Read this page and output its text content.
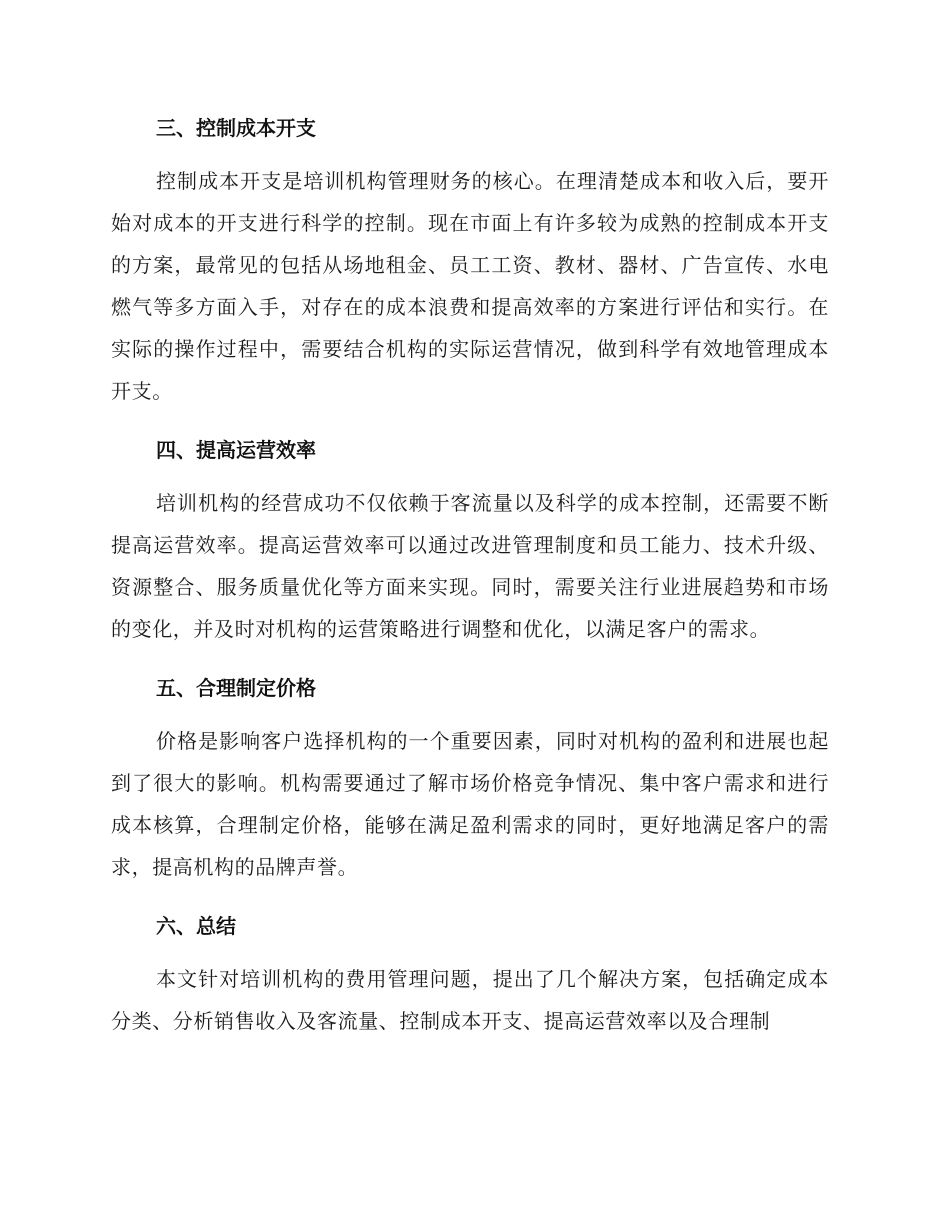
三、控制成本开支

控制成本开支是培训机构管理财务的核心。在理清楚成本和收入后，要开始对成本的开支进行科学的控制。现在市面上有许多较为成熟的控制成本开支的方案，最常见的包括从场地租金、员工工资、教材、器材、广告宣传、水电燃气等多方面入手，对存在的成本浪费和提高效率的方案进行评估和实行。在实际的操作过程中，需要结合机构的实际运营情况，做到科学有效地管理成本开支。

四、提高运营效率

培训机构的经营成功不仅依赖于客流量以及科学的成本控制，还需要不断提高运营效率。提高运营效率可以通过改进管理制度和员工能力、技术升级、资源整合、服务质量优化等方面来实现。同时，需要关注行业进展趋势和市场的变化，并及时对机构的运营策略进行调整和优化，以满足客户的需求。

五、合理制定价格

价格是影响客户选择机构的一个重要因素，同时对机构的盈利和进展也起到了很大的影响。机构需要通过了解市场价格竞争情况、集中客户需求和进行成本核算，合理制定价格，能够在满足盈利需求的同时，更好地满足客户的需求，提高机构的品牌声誉。

六、总结

本文针对培训机构的费用管理问题，提出了几个解决方案，包括确定成本分类、分析销售收入及客流量、控制成本开支、提高运营效率以及合理制
